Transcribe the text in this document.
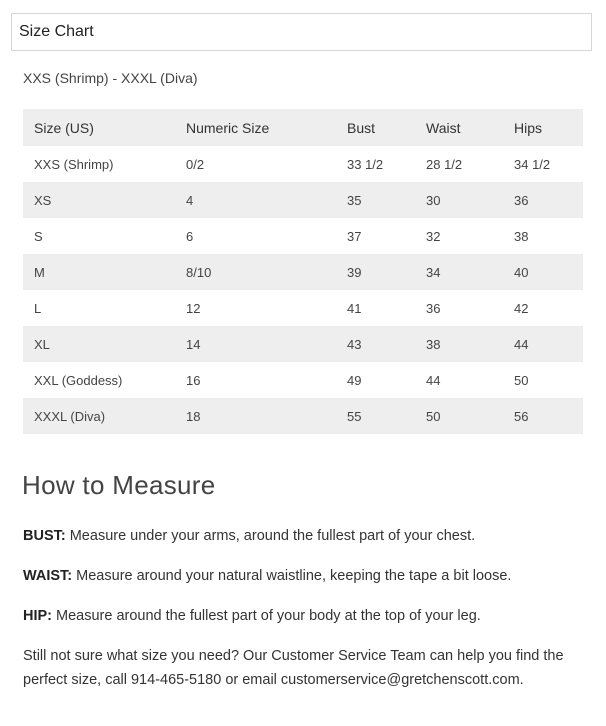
Size Chart
XXS (Shrimp) - XXXL (Diva)
Size (US)	Numeric Size	Bust	Waist	Hips
XXS (Shrimp)	0/2	33 1/2	28 1/2	34 1/2
XS	4	35	30	36
S	6	37	32	38
M	8/10	39	34	40
L	12	41	36	42
XL	14	43	38	44
XXL (Goddess)	16	49	44	50
XXXL (Diva)	18	55	50	56
How to Measure

BUST: Measure under your arms, around the fullest part of your chest.

WAIST: Measure around your natural waistline, keeping the tape a bit loose.

HIP: Measure around the fullest part of your body at the top of your leg.

Still not sure what size you need? Our Customer Service Team can help you find the perfect size, call 914-465-5180 or email customerservice@gretchenscott.com.
